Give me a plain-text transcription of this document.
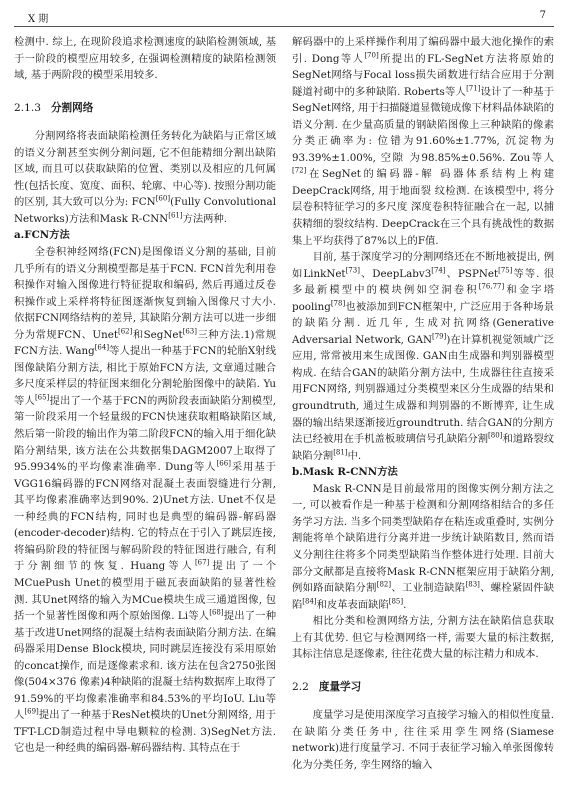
X 期	7

检测中. 综上, 在现阶段追求检测速度的缺陷检测领域, 基于一阶段的模型应用较多, 在强调检测精度的缺陷检测领域, 基于两阶段的模型采用较多.

2.1.3 分割网络

分割网络将表面缺陷检测任务转化为缺陷与正常区域的语义分割甚至实例分割问题, 它不但能精细分割出缺陷区域, 而且可以获取缺陷的位置、类别以及相应的几何属性(包括长度、宽度、面积、轮廓、中心等). 按照分割功能的区别, 其大致可以分为: FCN[60](Fully Convolutional Networks)方法和Mask R-CNN[61]方法两种.

a.FCN方法

全卷积神经网络(FCN)是图像语义分割的基础, 目前几乎所有的语义分割模型都是基于FCN. FCN首先利用卷积操作对输入图像进行特征提取和编码, 然后再通过反卷积操作或上采样将特征图逐渐恢复到输入图像尺寸大小. 依据FCN网络结构的差异, 其缺陷分割方法可以进一步细分为常规FCN、Unet[62]和SegNet[63]三种方法.1)常规FCN方法. Wang[64]等人提出一种基于FCN的轮胎X射线图像缺陷分割方法, 相比于原始FCN方法, 文章通过融合多尺度采样层的特征图来细化分割轮胎图像中的缺陷. Yu等人[65]提出了一个基于FCN的两阶段表面缺陷分割模型, 第一阶段采用一个轻量级的FCN快速获取粗略缺陷区域, 然后第一阶段的输出作为第二阶段FCN的输入用于细化缺陷分割结果, 该方法在公共数据集DAGM2007上取得了95.9934%的平均像素准确率. Dung等人[66]采用基于VGG16编码器的FCN网络对混凝土表面裂缝进行分割, 其平均像素准确率达到90%. 2)Unet方法. Unet不仅是一种经典的FCN结构, 同时也是典型的编码器-解码器(encoder-decoder)结构. 它的特点在于引入了跳层连接, 将编码阶段的特征图与解码阶段的特征图进行融合, 有利于分割细节的恢复. Huang等人[67]提出了一个MCuePush Unet的模型用于磁瓦表面缺陷的显著性检测. 其Unet网络的输入为MCue模块生成三通道图像, 包括一个显著性图像和两个原始图像. Li等人[68]提出了一种基于改进Unet网络的混凝土结构表面缺陷分割方法. 在编码器采用Dense Block模块, 同时跳层连接没有采用原始的concat操作, 而是逐像素求和. 该方法在包含2750张图像(504×376 像素)4种缺陷的混凝土结构数据库上取得了91.59%的平均像素准确率和84.53%的平均IoU. Liu等人[69]提出了一种基于ResNet模块的Unet分割网络, 用于TFT-LCD制造过程中导电颗粒的检测. 3)SegNet方法. 它也是一种经典的编码器-解码器结构. 其特点在于

解码器中的上采样操作利用了编码器中最大池化操作的索引. Dong等人[70]所提出的FL-SegNet方法将原始的SegNet网络与Focal loss损失函数进行结合应用于分割隧道衬砌中的多种缺陷. Roberts等人[71]设计了一种基于SegNet网络, 用于扫描隧道显微镜成像下材料晶体缺陷的语义分割. 在少量高质量的钢缺陷图像上三种缺陷的像素分类正确率为: 位错为91.60%±1.77%, 沉淀物为93.39%±1.00%, 空隙 为98.85%±0.56%. Zou等人[72]在SegNet的编码器-解 码器体系结构上构建DeepCrack网络, 用于地面裂 纹检测. 在该模型中, 将分层卷积特征学习的多尺度 深度卷积特征融合在一起, 以捕获精细的裂纹结构. DeepCrack在三个具有挑战性的数据集上平均获得了87%以上的F值.

目前, 基于深度学习的分割网络还在不断地被提出, 例如LinkNet[73]、DeepLabv3[74]、PSPNet[75]等等. 很多最新模型中的模块例如空洞卷积[76,77]和金字塔pooling[78]也被添加到FCN框架中, 广泛应用于各种场景的缺陷分割. 近几年, 生成对抗网络(Generative Adversarial Network, GAN[79])在计算机视觉领域广泛应用, 常常被用来生成图像. GAN由生成器和判别器模型构成. 在结合GAN的缺陷分割方法中, 生成器往往直接采用FCN网络, 判别器通过分类模型来区分生成器的结果和groundtruth, 通过生成器和判别器的不断博弈, 让生成器的输出结果逐渐接近groundtruth. 结合GAN的分割方法已经被用在手机盖板玻璃信号孔缺陷分割[80]和道路裂纹缺陷分割[81]中.

b.Mask R-CNN方法

Mask R-CNN是目前最常用的图像实例分割方法之一, 可以被看作是一种基于检测和分割网络相结合的多任务学习方法. 当多个同类型缺陷存在粘连或重叠时, 实例分割能将单个缺陷进行分离并进一步统计缺陷数目, 然而语义分割往往将多个同类型缺陷当作整体进行处理. 目前大部分文献都是直接将Mask R-CNN框架应用于缺陷分割, 例如路面缺陷分割[82]、工业制造缺陷[83]、螺栓紧固件缺陷[84]和皮革表面缺陷[85].

相比分类和检测网络方法, 分割方法在缺陷信息获取上有其优势. 但它与检测网络一样, 需要大量的标注数据, 其标注信息是逐像素, 往往花费大量的标注精力和成本.

2.2 度量学习

度量学习是使用深度学习直接学习输入的相似性度量. 在缺陷分类任务中, 往往采用孪生网络(Siamese network)进行度量学习. 不同于表征学习输入单张图像转化为分类任务, 孪生网络的输入
